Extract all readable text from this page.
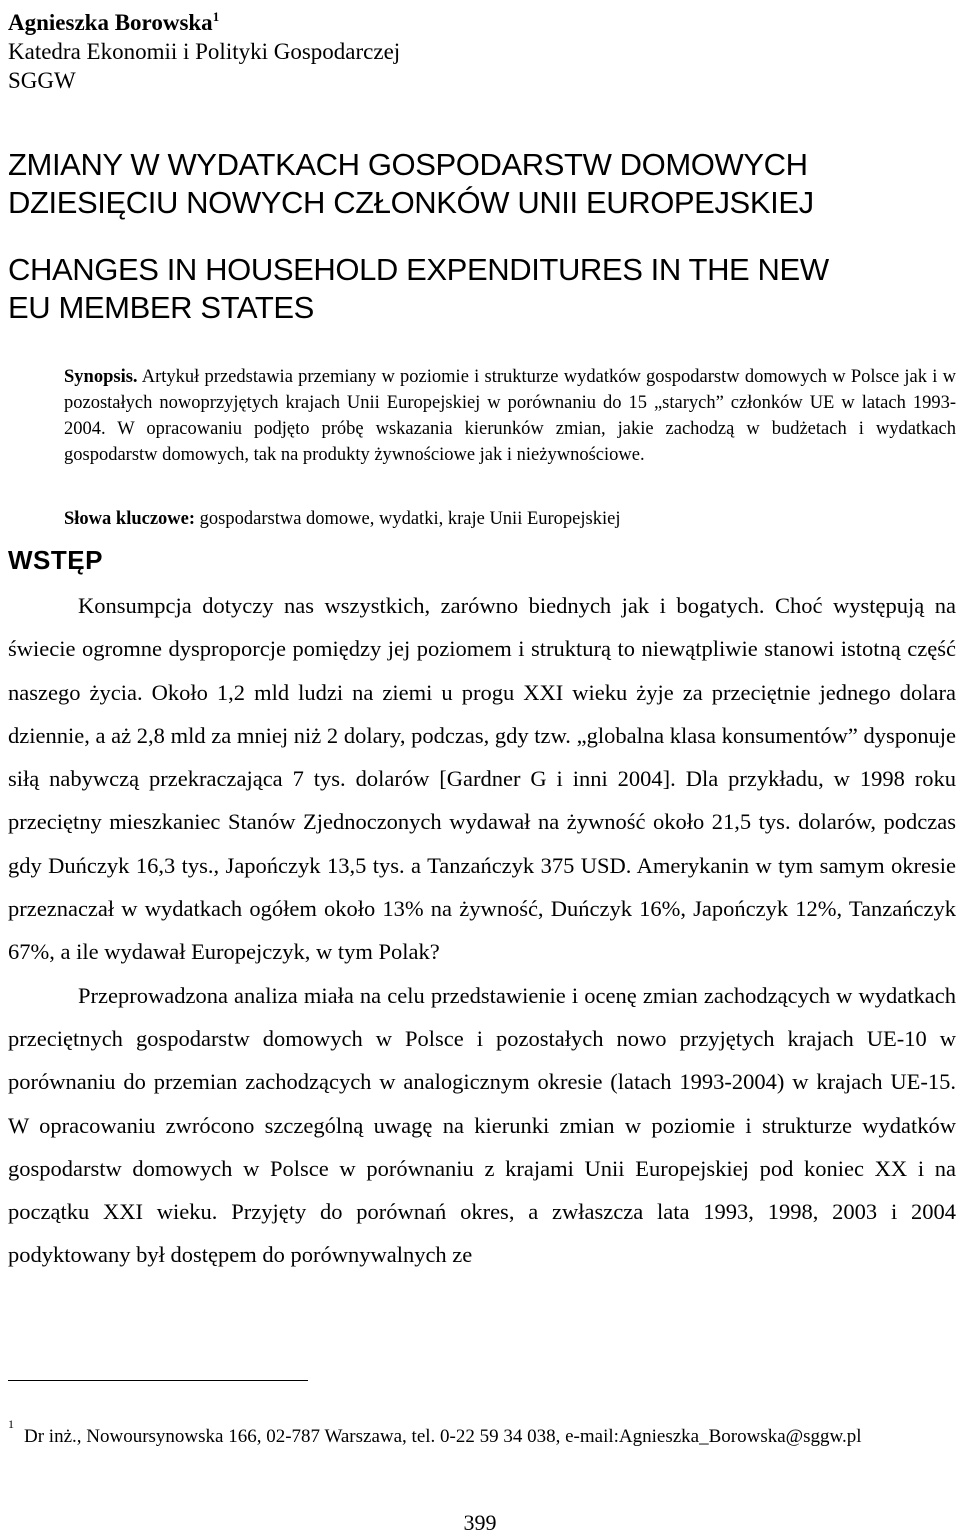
Agnieszka Borowska$^1$
Katedra Ekonomii i Polityki Gospodarczej
SGGW
ZMIANY W WYDATKACH GOSPODARSTW DOMOWYCH
DZIESIĘCIU NOWYCH CZŁONKÓW UNII EUROPEJSKIEJ
CHANGES IN HOUSEHOLD EXPENDITURES IN THE NEW
EU MEMBER STATES

Synopsis. Artykuł przedstawia przemiany w poziomie i strukturze wydatków gospodarstw domowych w Polsce jak i w pozostałych nowoprzyjętych krajach Unii Europejskiej w porównaniu do 15 „starych” członków UE w latach 1993-2004. W opracowaniu podjęto próbę wskazania kierunków zmian, jakie zachodzą w budżetach i wydatkach gospodarstw domowych, tak na produkty żywnościowe jak i nieżywnościowe.

Słowa kluczowe: gospodarstwa domowe, wydatki, kraje Unii Europejskiej
WSTĘP

Konsumpcja dotyczy nas wszystkich, zarówno biednych jak i bogatych. Choć występują na świecie ogromne dysproporcje pomiędzy jej poziomem i strukturą to niewątpliwie stanowi istotną część naszego życia. Około 1,2 mld ludzi na ziemi u progu XXI wieku żyje za przeciętnie jednego dolara dziennie, a aż 2,8 mld za mniej niż 2 dolary, podczas, gdy tzw. „globalna klasa konsumentów” dysponuje siłą nabywczą przekraczająca 7 tys. dolarów [Gardner G i inni 2004]. Dla przykładu, w 1998 roku przeciętny mieszkaniec Stanów Zjednoczonych wydawał na żywność około 21,5 tys. dolarów, podczas gdy Duńczyk 16,3 tys., Japończyk 13,5 tys. a Tanzańczyk 375 USD. Amerykanin w tym samym okresie przeznaczał w wydatkach ogółem około 13% na żywność, Duńczyk 16%, Japończyk 12%, Tanzańczyk 67%, a ile wydawał Europejczyk, w tym Polak?

Przeprowadzona analiza miała na celu przedstawienie i ocenę zmian zachodzących w wydatkach przeciętnych gospodarstw domowych w Polsce i pozostałych nowo przyjętych krajach UE-10 w porównaniu do przemian zachodzących w analogicznym okresie (latach 1993-2004) w krajach UE-15. W opracowaniu zwrócono szczególną uwagę na kierunki zmian w poziomie i strukturze wydatków gospodarstw domowych w Polsce w porównaniu z krajami Unii Europejskiej pod koniec XX i na początku XXI wieku. Przyjęty do porównań okres, a zwłaszcza lata 1993, 1998, 2003 i 2004 podyktowany był dostępem do porównywalnych ze

$^1$Dr inż., Nowoursynowska 166, 02-787 Warszawa, tel. 0-22 59 34 038, e-mail:Agnieszka_Borowska@sggw.pl
399
